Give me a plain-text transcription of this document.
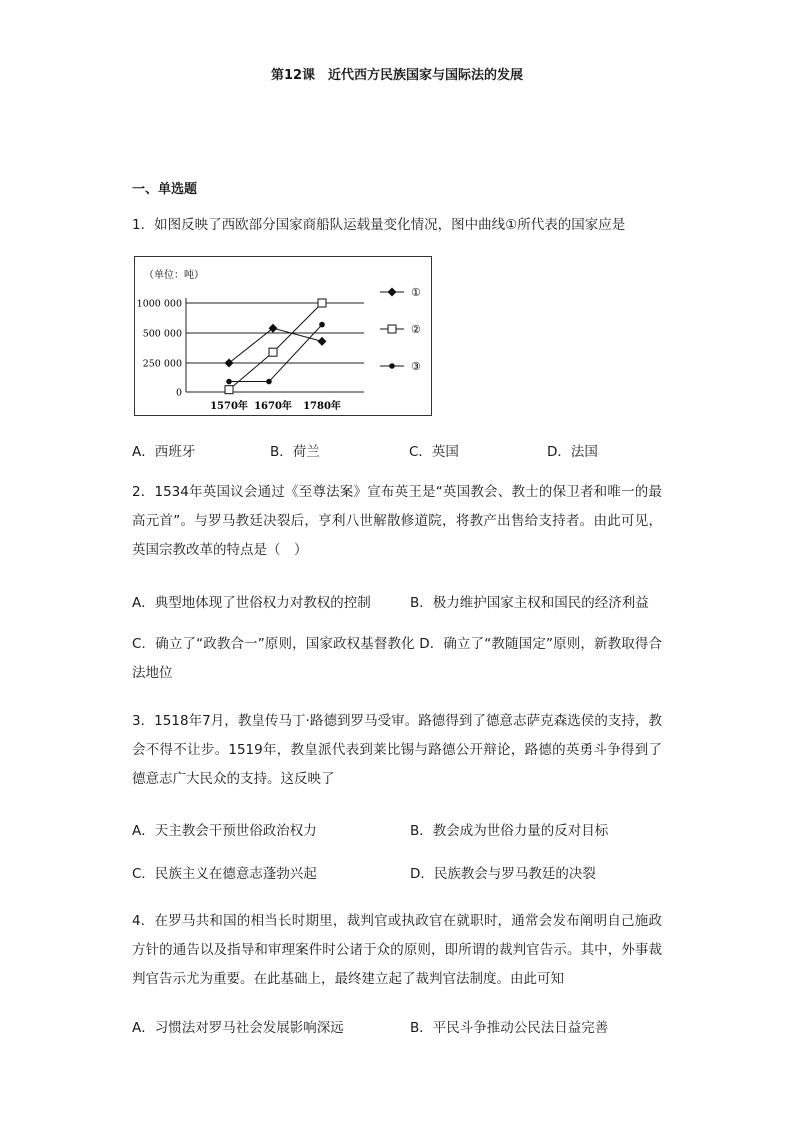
第12课　近代西方民族国家与国际法的发展
一、单选题
1．如图反映了西欧部分国家商船队运载量变化情况，图中曲线①所代表的国家应是
（单位：吨）
1000 000
500 000
250 000
0
1570年 1670年 1780年
①
②
③
A．西班牙	B．荷兰	C．英国	D．法国
2．1534年英国议会通过《至尊法案》宣布英王是“英国教会、教士的保卫者和唯一的最高元首”。与罗马教廷决裂后，亨利八世解散修道院，将教产出售给支持者。由此可见，英国宗教改革的特点是（　）
A．典型地体现了世俗权力对教权的控制	B．极力维护国家主权和国民的经济利益
C．确立了“政教合一”原则，国家政权基督教化 D．确立了“教随国定”原则，新教取得合法地位
3．1518年7月，教皇传马丁·路德到罗马受审。路德得到了德意志萨克森选侯的支持，教会不得不让步。1519年，教皇派代表到莱比锡与路德公开辩论，路德的英勇斗争得到了德意志广大民众的支持。这反映了
A．天主教会干预世俗政治权力	B．教会成为世俗力量的反对目标
C．民族主义在德意志蓬勃兴起	D．民族教会与罗马教廷的决裂
4．在罗马共和国的相当长时期里，裁判官或执政官在就职时，通常会发布阐明自己施政方针的通告以及指导和审理案件时公诸于众的原则，即所谓的裁判官告示。其中，外事裁判官告示尤为重要。在此基础上，最终建立起了裁判官法制度。由此可知
A．习惯法对罗马社会发展影响深远	B．平民斗争推动公民法日益完善
